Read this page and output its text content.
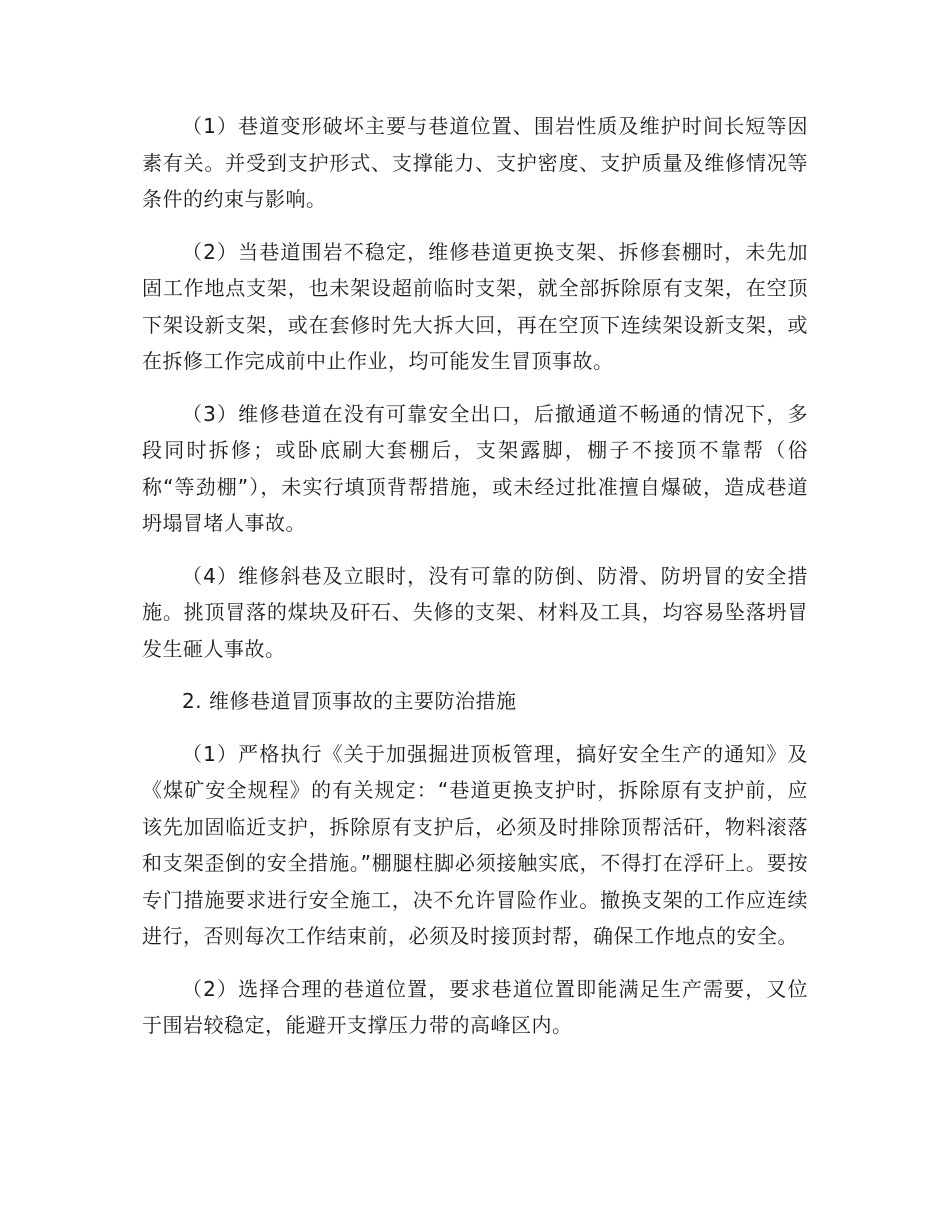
（1）巷道变形破坏主要与巷道位置、围岩性质及维护时间长短等因素有关。并受到支护形式、支撑能力、支护密度、支护质量及维修情况等条件的约束与影响。

（2）当巷道围岩不稳定，维修巷道更换支架、拆修套棚时，未先加固工作地点支架，也未架设超前临时支架，就全部拆除原有支架，在空顶下架设新支架，或在套修时先大拆大回，再在空顶下连续架设新支架，或在拆修工作完成前中止作业，均可能发生冒顶事故。

（3）维修巷道在没有可靠安全出口，后撤通道不畅通的情况下，多段同时拆修；或卧底刷大套棚后，支架露脚，棚子不接顶不靠帮（俗称“等劲棚”），未实行填顶背帮措施，或未经过批准擅自爆破，造成巷道坍塌冒堵人事故。

（4）维修斜巷及立眼时，没有可靠的防倒、防滑、防坍冒的安全措施。挑顶冒落的煤块及矸石、失修的支架、材料及工具，均容易坠落坍冒发生砸人事故。

2. 维修巷道冒顶事故的主要防治措施

（1）严格执行《关于加强掘进顶板管理，搞好安全生产的通知》及《煤矿安全规程》的有关规定：“巷道更换支护时，拆除原有支护前，应该先加固临近支护，拆除原有支护后，必须及时排除顶帮活矸，物料滚落和支架歪倒的安全措施。”棚腿柱脚必须接触实底，不得打在浮矸上。要按专门措施要求进行安全施工，决不允许冒险作业。撤换支架的工作应连续进行，否则每次工作结束前，必须及时接顶封帮，确保工作地点的安全。

（2）选择合理的巷道位置，要求巷道位置即能满足生产需要，又位于围岩较稳定，能避开支撑压力带的高峰区内。
